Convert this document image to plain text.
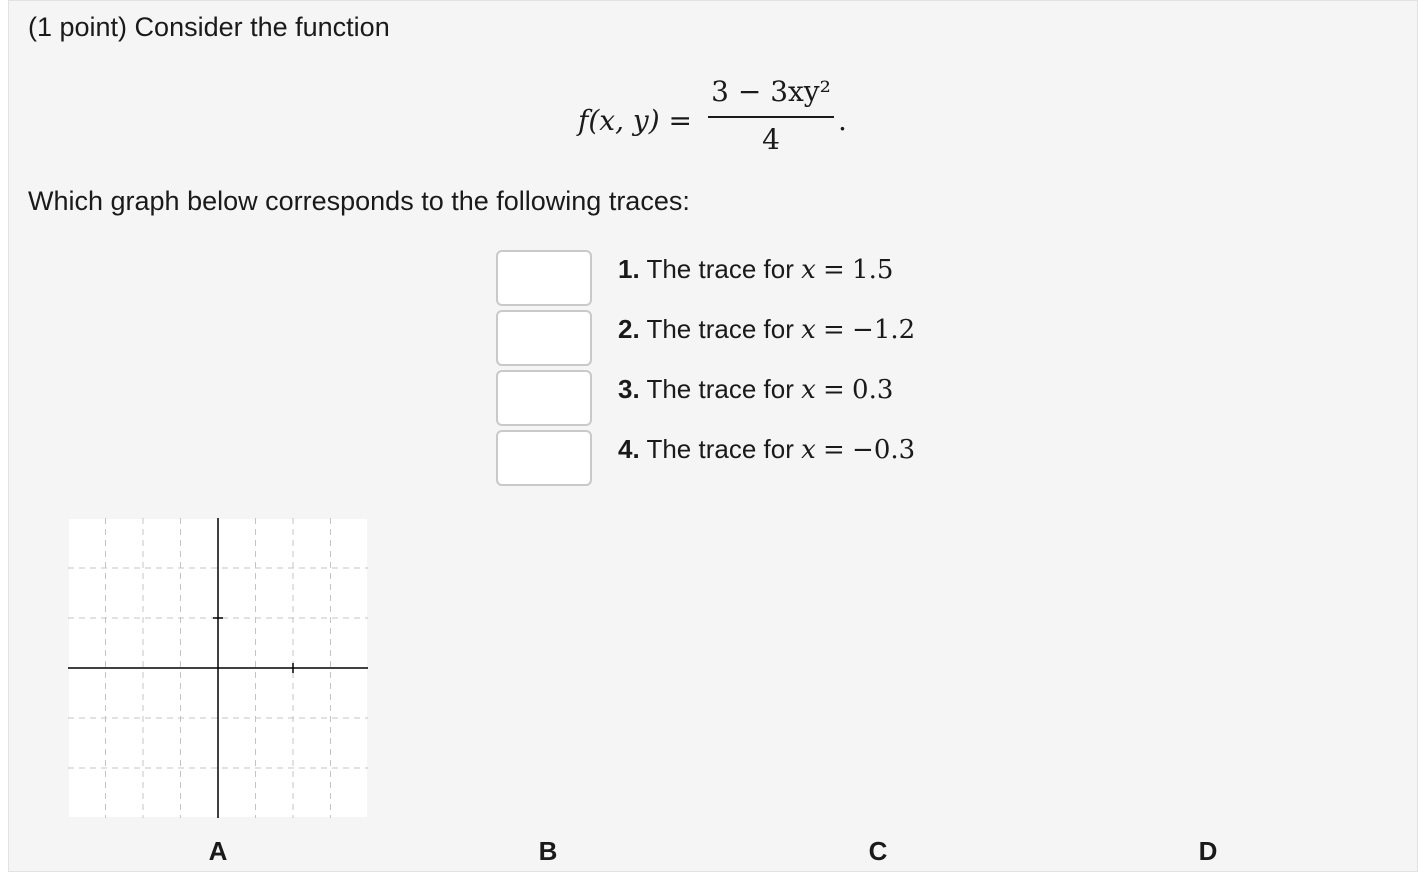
(1 point) Consider the function
f(x, y) =
3 − 3xy²
4
.
Which graph below corresponds to the following traces:
1. The trace for x = 1.5
2. The trace for x = −1.2
3. The trace for x = 0.3
4. The trace for x = −0.3
A	B	C	D
